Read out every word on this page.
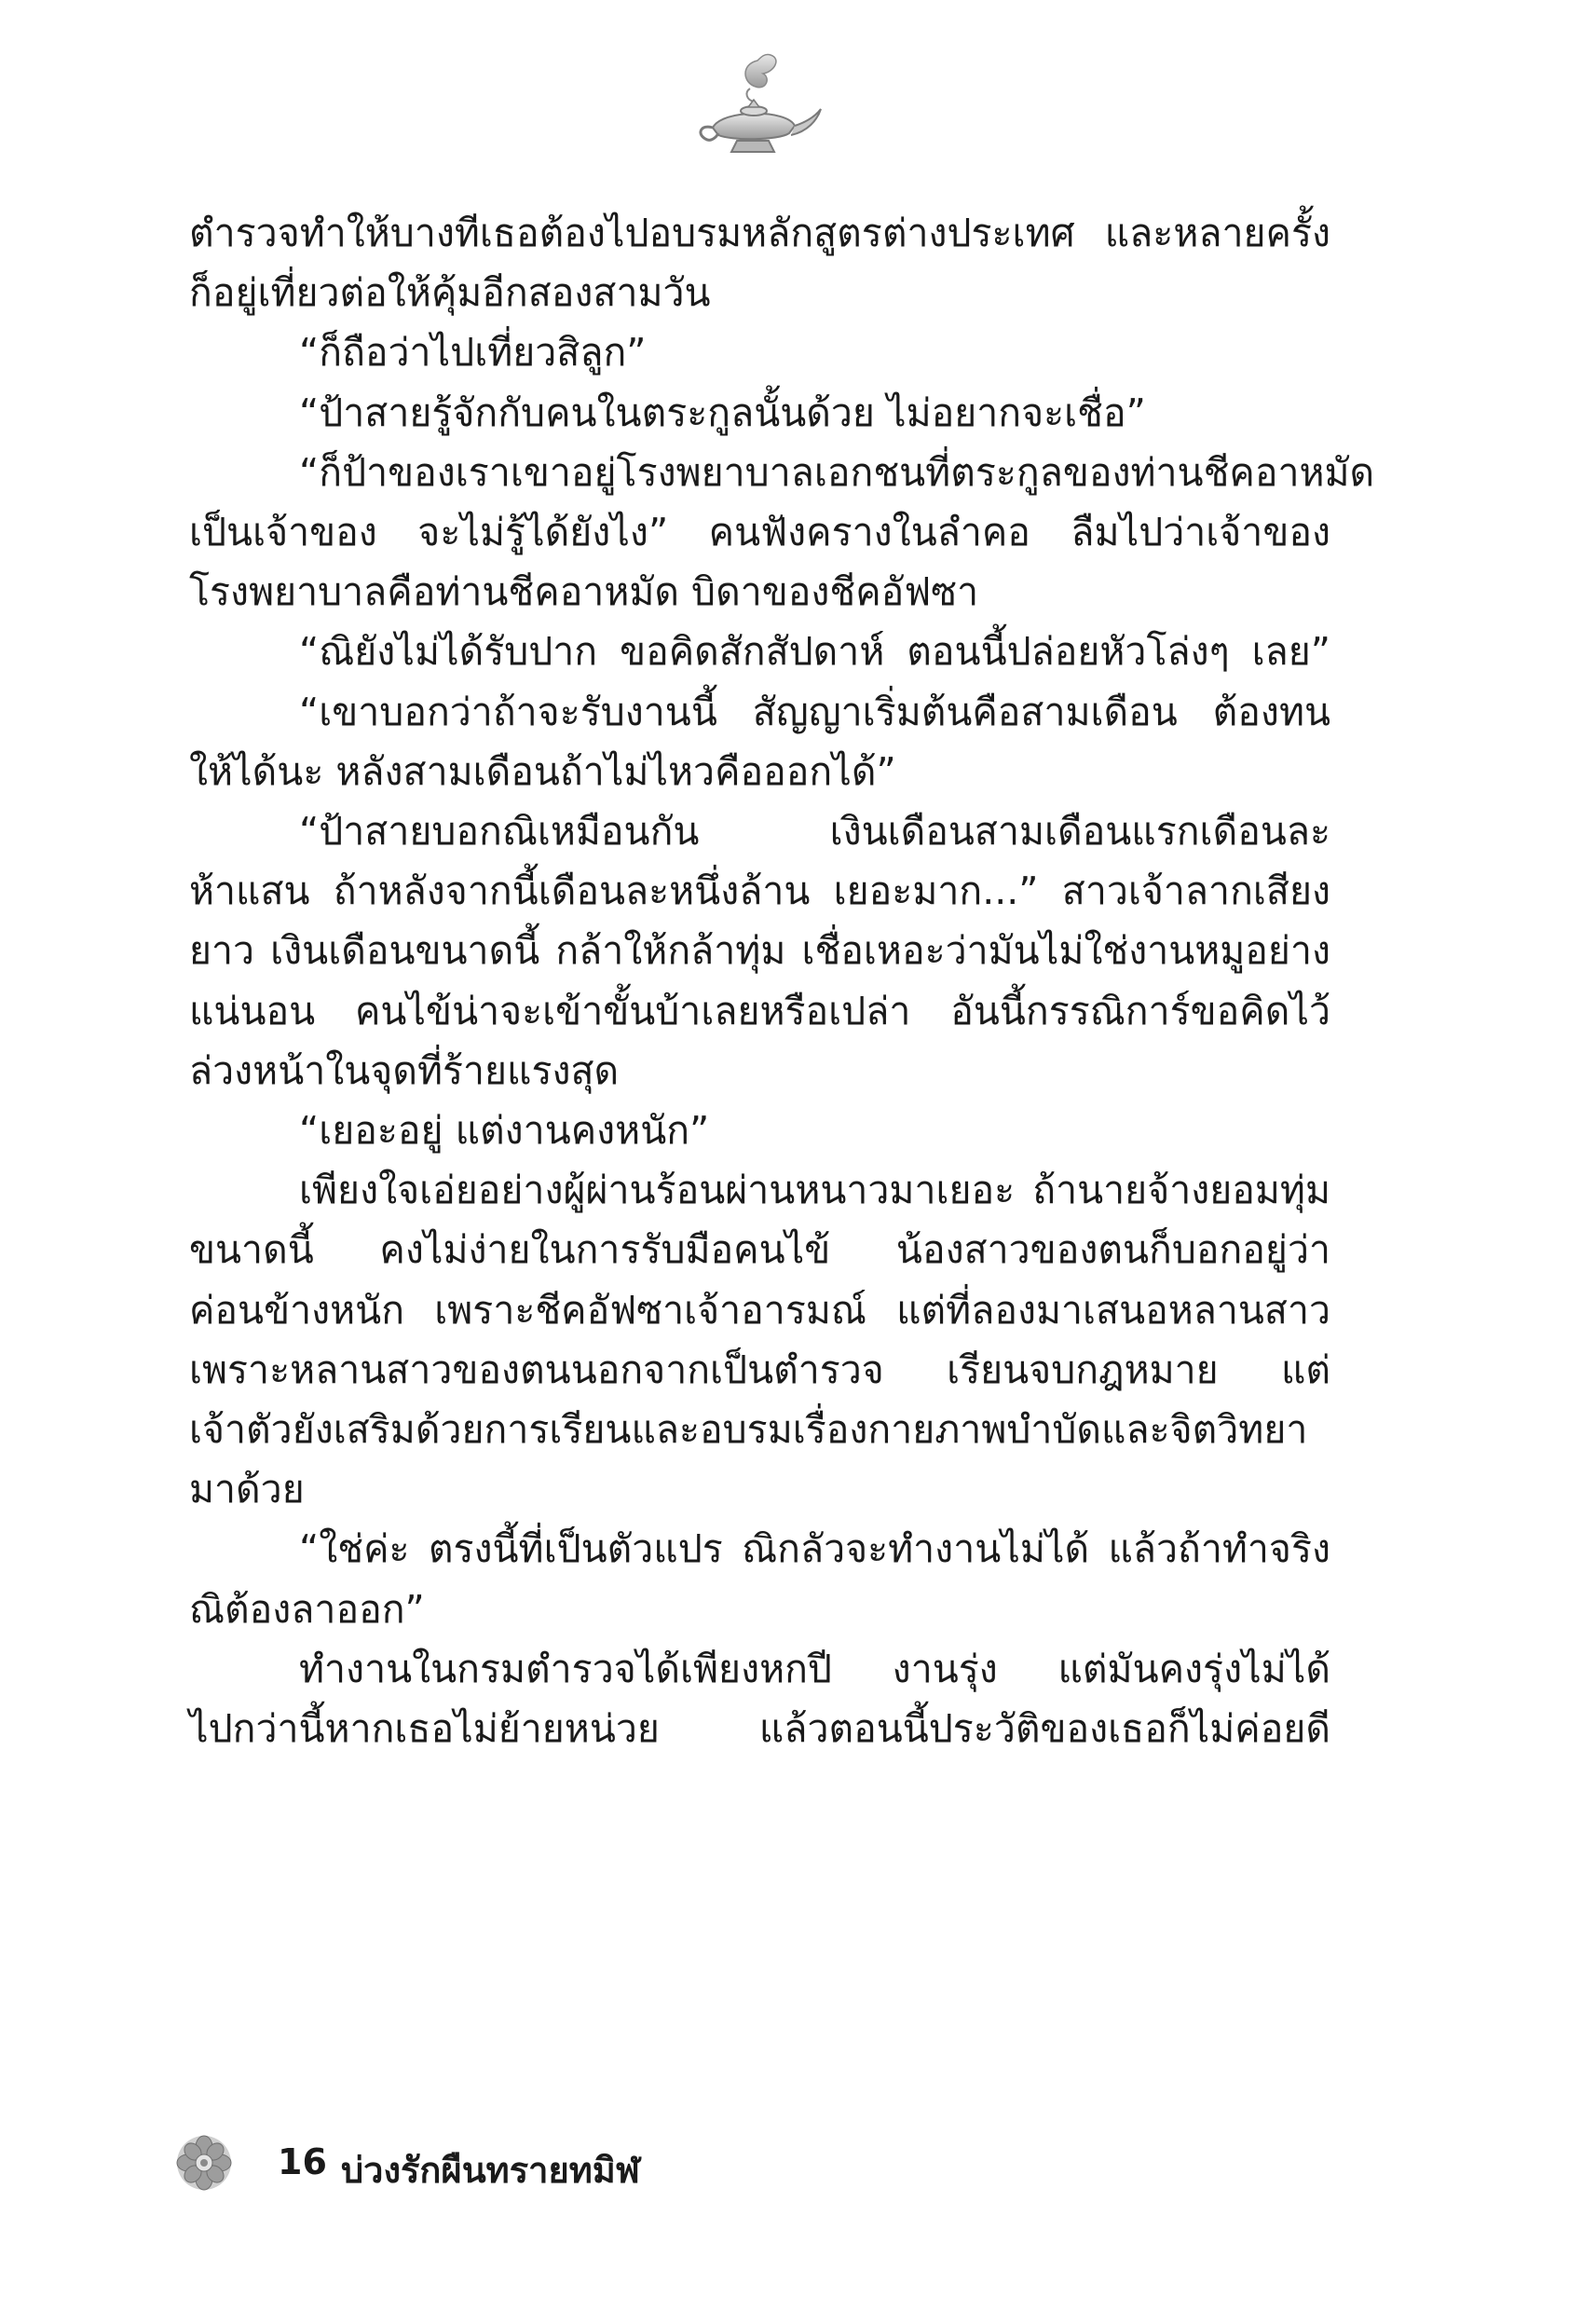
ตำรวจทำให้บางทีเธอต้องไปอบรมหลักสูตรต่างประเทศ และหลายครั้ง

ก็อยู่เที่ยวต่อให้คุ้มอีกสองสามวัน

“ก็ถือว่าไปเที่ยวสิลูก”

“ป้าสายรู้จักกับคนในตระกูลนั้นด้วย ไม่อยากจะเชื่อ”

“ก็ป้าของเราเขาอยู่โรงพยาบาลเอกชนที่ตระกูลของท่านชีคอาหมัด

เป็นเจ้าของ จะไม่รู้ได้ยังไง” คนฟังครางในลำคอ ลืมไปว่าเจ้าของ

โรงพยาบาลคือท่านชีคอาหมัด บิดาของชีคอัฟซา

“ณิยังไม่ได้รับปาก ขอคิดสักสัปดาห์ ตอนนี้ปล่อยหัวโล่งๆ เลย”

“เขาบอกว่าถ้าจะรับงานนี้ สัญญาเริ่มต้นคือสามเดือน ต้องทน

ให้ได้นะ หลังสามเดือนถ้าไม่ไหวคือออกได้”

“ป้าสายบอกณิเหมือนกัน เงินเดือนสามเดือนแรกเดือนละ

ห้าแสน ถ้าหลังจากนี้เดือนละหนึ่งล้าน เยอะมาก...” สาวเจ้าลากเสียง

ยาว เงินเดือนขนาดนี้ กล้าให้กล้าทุ่ม เชื่อเหอะว่ามันไม่ใช่งานหมูอย่าง

แน่นอน คนไข้น่าจะเข้าขั้นบ้าเลยหรือเปล่า อันนี้กรรณิการ์ขอคิดไว้

ล่วงหน้าในจุดที่ร้ายแรงสุด

“เยอะอยู่ แต่งานคงหนัก”

เพียงใจเอ่ยอย่างผู้ผ่านร้อนผ่านหนาวมาเยอะ ถ้านายจ้างยอมทุ่ม

ขนาดนี้ คงไม่ง่ายในการรับมือคนไข้ น้องสาวของตนก็บอกอยู่ว่า

ค่อนข้างหนัก เพราะชีคอัฟซาเจ้าอารมณ์ แต่ที่ลองมาเสนอหลานสาว

เพราะหลานสาวของตนนอกจากเป็นตำรวจ เรียนจบกฎหมาย แต่

เจ้าตัวยังเสริมด้วยการเรียนและอบรมเรื่องกายภาพบำบัดและจิตวิทยา

มาด้วย

“ใช่ค่ะ ตรงนี้ที่เป็นตัวแปร ณิกลัวจะทำงานไม่ได้ แล้วถ้าทำจริง

ณิต้องลาออก”

ทำงานในกรมตำรวจได้เพียงหกปี งานรุ่ง แต่มันคงรุ่งไม่ได้

ไปกว่านี้หากเธอไม่ย้ายหน่วย แล้วตอนนี้ประวัติของเธอก็ไม่ค่อยดี

16 บ่วงรักผืนทรายทมิฬ
